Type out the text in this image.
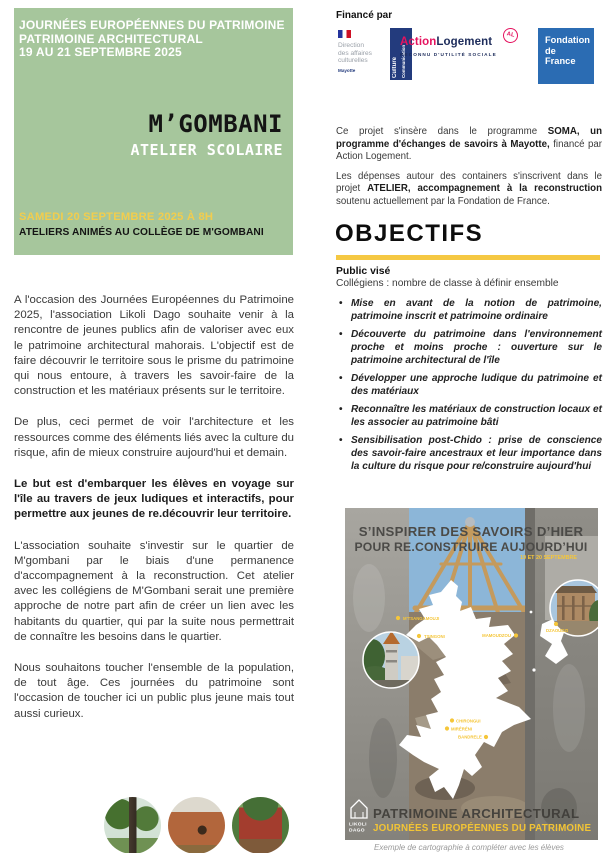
JOURNÉES EUROPÉENNES DU PATRIMOINE
PATRIMOINE ARCHITECTURAL
19 AU 21 SEPTEMBRE 2025
M’GOMBANI
ATELIER SCOLAIRE
SAMEDI 20 SEPTEMBRE 2025 À 8H
ATELIERS ANIMÉS AU COLLÈGE DE M'GOMBANI

A l'occasion des Journées Européennes du Patrimoine 2025, l'association Likoli Dago souhaite venir à la rencontre de jeunes publics afin de valoriser avec eux le patrimoine architectural mahorais. L'objectif est de faire découvrir le territoire sous le prisme du patrimoine qui nous entoure, à travers les savoir-faire de la construction et les matériaux présents sur le territoire.

De plus, ceci permet de voir l'architecture et les ressources comme des éléments liés avec la culture du risque, afin de mieux construire aujourd'hui et demain.

Le but est d'embarquer les élèves en voyage sur l'île au travers de jeux ludiques et interactifs, pour permettre aux jeunes de re.découvrir leur territoire.

L'association souhaite s'investir sur le quartier de M'gombani par le biais d'une permanence d'accompagnement à la reconstruction. Cet atelier avec les collégiens de M'Gombani serait une première approche de notre part afin de créer un lien avec les habitants du quartier, qui par la suite nous permettrait de connaître les besoins dans le quartier.

Nous souhaitons toucher l'ensemble de la population, de tout âge. Ces journées du patrimoine sont l'occasion de toucher ici un public plus jeune mais tout aussi curieux.

Financé par
Direction
des affaires
culturelles
Mayotte	Culture Communication
ActionLogement
AL
RECONNU D'UTILITÉ SOCIALE
Fondation
de
France

Ce projet s'insère dans le programme SOMA, un programme d'échanges de savoirs à Mayotte, financé par Action Logement.

Les dépenses autour des containers s'inscrivent dans le projet ATELIER, accompagnement à la reconstruction soutenu actuellement par la Fondation de France.

OBJECTIFS
Public visé
Collégiens : nombre de classe à définir ensemble
• Mise en avant de la notion de patrimoine, patrimoine inscrit et patrimoine ordinaire
• Découverte du patrimoine dans l'environnement proche et moins proche : ouverture sur le patrimoine architectural de l'île
• Développer une approche ludique du patrimoine et des matériaux
• Reconnaître les matériaux de construction locaux et les associer au patrimoine bâti
• Sensibilisation post-Chido : prise de conscience des savoir-faire ancestraux et leur importance dans la culture du risque pour re/construire aujourd'hui
S’INSPIRER DES SAVOIRS D’HIER
POUR RE.CONSTRUIRE AUJOURD’HUI
19 ET 20 SEPTEMBRE
M'TSANGAMOUJI
TSINGONI	MAMOUDZOU
DZAOUDZI
CHIRONGUI
MIRÉRÉNI
BANDRELE
LIKOLI
DAGO
PATRIMOINE ARCHITECTURAL
JOURNÉES EUROPÉENNES DU PATRIMOINE
Exemple de cartographie à compléter avec les élèves
